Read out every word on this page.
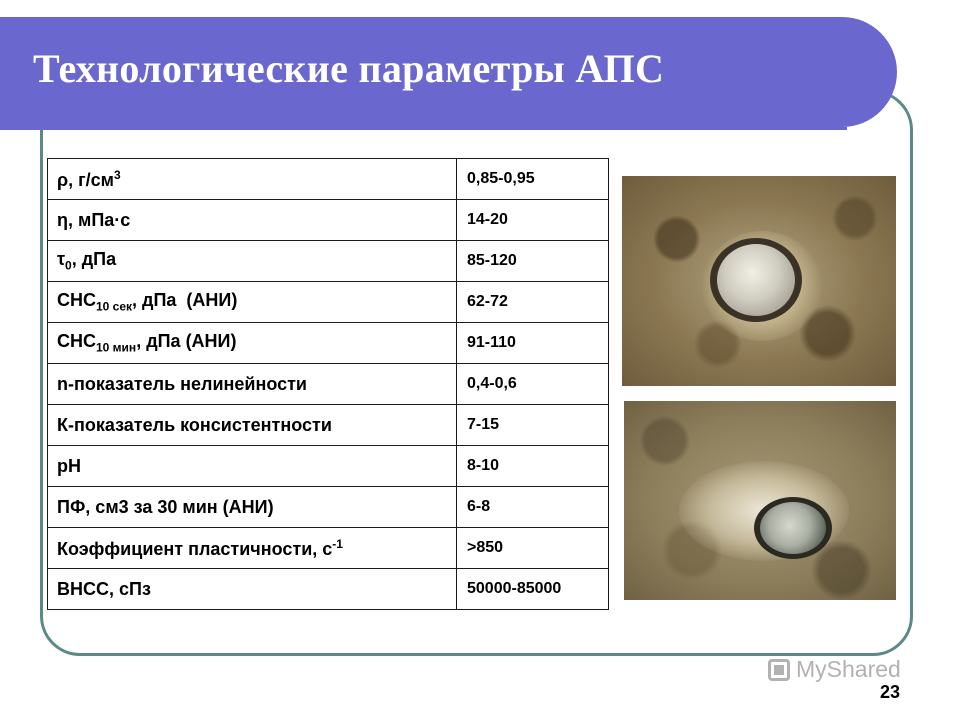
Технологические параметры АПС
ρ, $г/см^3$	0,85-0,95
η, мПа·с	14-20
$\tau_0$, дПа	85-120
$СНС_{10 сек}$, дПа  (АНИ)	62-72
$СНС_{10 мин}$, дПа (АНИ)	91-110
n-показатель нелинейности	0,4-0,6
К-показатель консистентности	7-15
рН	8-10
ПФ, см3 за 30 мин (АНИ)	6-8
Коэффициент пластичности, $с^{-1}$	>850
ВНСС, сПз	50000-85000
MyShared
23
